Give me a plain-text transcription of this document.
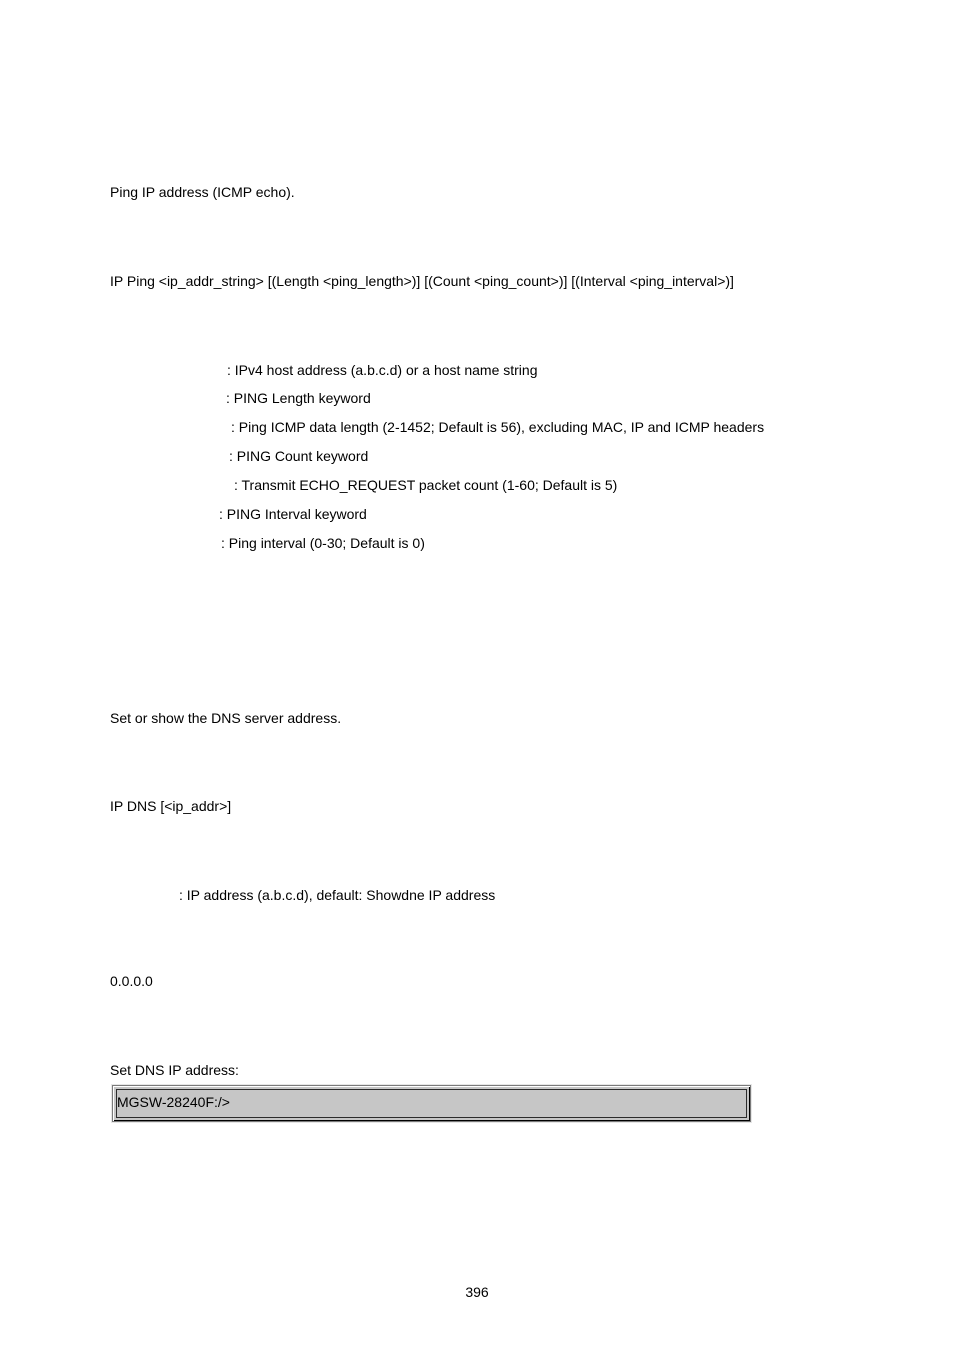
Ping IP address (ICMP echo).
IP Ping <ip_addr_string> [(Length <ping_length>)] [(Count <ping_count>)] [(Interval <ping_interval>)]
: IPv4 host address (a.b.c.d) or a host name string
: PING Length keyword
: Ping ICMP data length (2-1452; Default is 56), excluding MAC, IP and ICMP headers
: PING Count keyword
: Transmit ECHO_REQUEST packet count (1-60; Default is 5)
: PING Interval keyword
: Ping interval (0-30; Default is 0)
Set or show the DNS server address.
IP DNS [<ip_addr>]
: IP address (a.b.c.d), default: Showdne IP address
0.0.0.0
Set DNS IP address:
MGSW-28240F:/>
396
